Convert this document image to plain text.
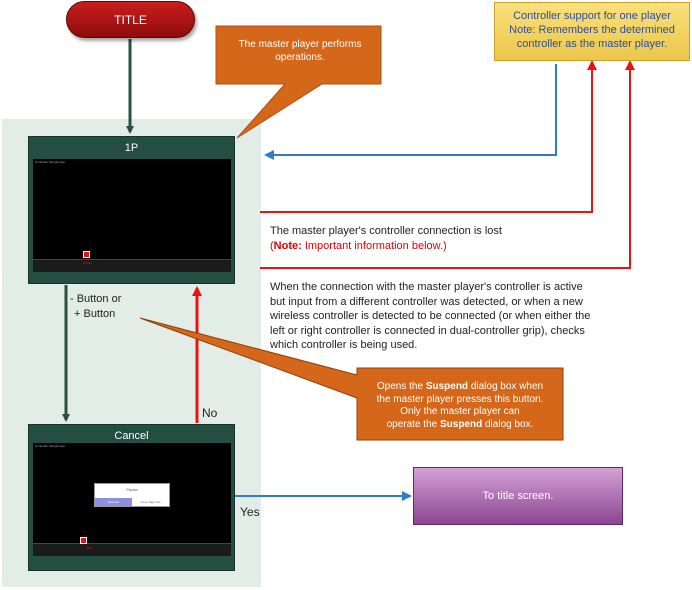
TITLE
1P
Controller Sample App
B Start
Cancel
Controller Sample App
Pause
Resume	Go to Sign Out
Start
The master player performs operations.
Opens the Suspend dialog box when
the master player presses this button.
Only the master player can
operate the Suspend dialog box.
Controller support for one player
Note: Remembers the determined
controller as the master player.
The master player's controller connection is lost
(Note: Important information below.)
When the connection with the master player's controller is active
but input from a different controller was detected, or when a new
wireless controller is detected to be connected (or when either the
left or right controller is connected in dual-controller grip), checks
which controller is being used.
- Button or
+ Button
No
Yes
To title screen.
